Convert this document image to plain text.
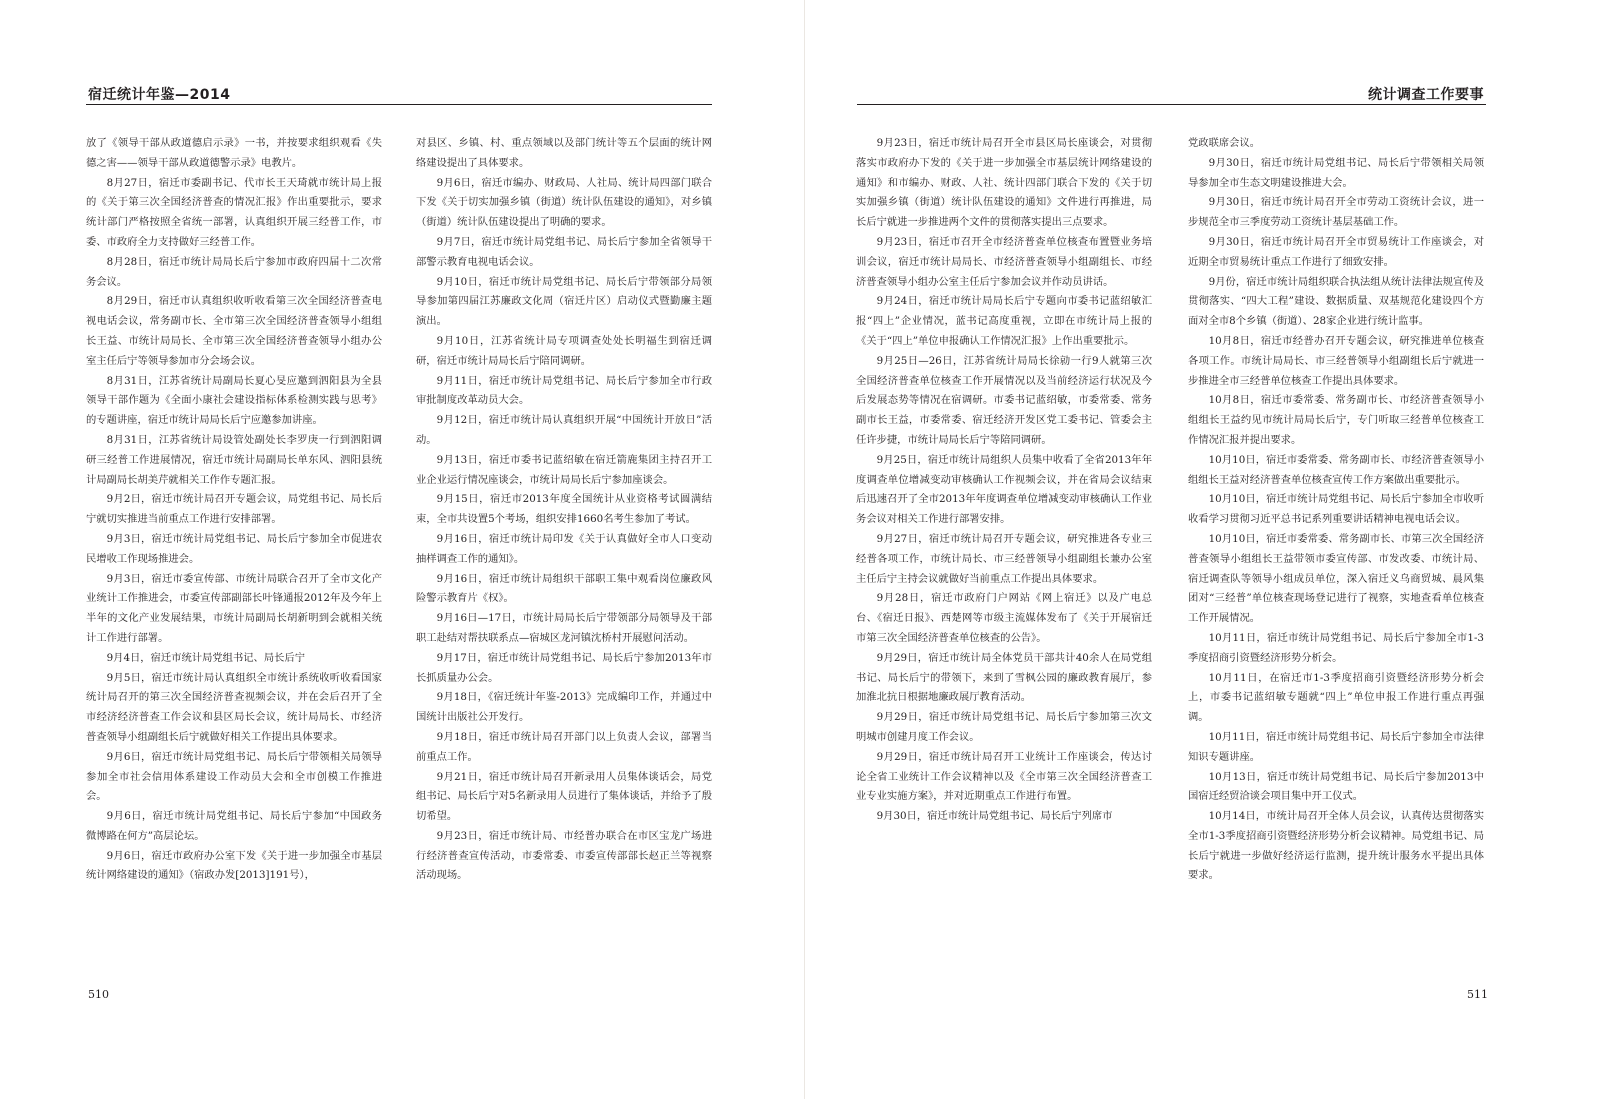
宿迁统计年鉴—2014

放了《领导干部从政道德启示录》一书，并按要求组织观看《失德之害——领导干部从政道德警示录》电教片。

8月27日，宿迁市委副书记、代市长王天琦就市统计局上报的《关于第三次全国经济普查的情况汇报》作出重要批示，要求统计部门严格按照全省统一部署，认真组织开展三经普工作，市委、市政府全力支持做好三经普工作。

8月28日，宿迁市统计局局长后宁参加市政府四届十二次常务会议。

8月29日，宿迁市认真组织收听收看第三次全国经济普查电视电话会议，常务副市长、全市第三次全国经济普查领导小组组长王益、市统计局局长、全市第三次全国经济普查领导小组办公室主任后宁等领导参加市分会场会议。

8月31日，江苏省统计局副局长夏心旻应邀到泗阳县为全县领导干部作题为《全面小康社会建设指标体系检测实践与思考》的专题讲座，宿迁市统计局局长后宁应邀参加讲座。

8月31日，江苏省统计局设管处副处长李罗庚一行到泗阳调研三经普工作进展情况，宿迁市统计局副局长单东风、泗阳县统计局副局长胡美芹就相关工作作专题汇报。

9月2日，宿迁市统计局召开专题会议，局党组书记、局长后宁就切实推进当前重点工作进行安排部署。

9月3日，宿迁市统计局党组书记、局长后宁参加全市促进农民增收工作现场推进会。

9月3日，宿迁市委宣传部、市统计局联合召开了全市文化产业统计工作推进会，市委宣传部副部长叶锋通报2012年及今年上半年的文化产业发展结果，市统计局副局长胡新明到会就相关统计工作进行部署。

9月4日，宿迁市统计局党组书记、局长后宁

9月5日，宿迁市统计局认真组织全市统计系统收听收看国家统计局召开的第三次全国经济普查视频会议，并在会后召开了全市经济经济普查工作会议和县区局长会议，统计局局长、市经济普查领导小组副组长后宁就做好相关工作提出具体要求。

9月6日，宿迁市统计局党组书记、局长后宁带领相关局领导参加全市社会信用体系建设工作动员大会和全市创模工作推进会。

9月6日，宿迁市统计局党组书记、局长后宁参加“中国政务微博路在何方”高层论坛。

9月6日，宿迁市政府办公室下发《关于进一步加强全市基层统计网络建设的通知》（宿政办发[2013]191号），

对县区、乡镇、村、重点领域以及部门统计等五个层面的统计网络建设提出了具体要求。

9月6日，宿迁市编办、财政局、人社局、统计局四部门联合下发《关于切实加强乡镇（街道）统计队伍建设的通知》，对乡镇（街道）统计队伍建设提出了明确的要求。

9月7日，宿迁市统计局党组书记、局长后宁参加全省领导干部警示教育电视电话会议。

9月10日，宿迁市统计局党组书记、局长后宁带领部分局领导参加第四届江苏廉政文化周（宿迁片区）启动仪式暨勤廉主题演出。

9月10日，江苏省统计局专项调查处处长明福生到宿迁调研，宿迁市统计局局长后宁陪同调研。

9月11日，宿迁市统计局党组书记、局长后宁参加全市行政审批制度改革动员大会。

9月12日，宿迁市统计局认真组织开展“中国统计开放日”活动。

9月13日，宿迁市委书记蓝绍敏在宿迁箭鹿集团主持召开工业企业运行情况座谈会，市统计局局长后宁参加座谈会。

9月15日，宿迁市2013年度全国统计从业资格考试圆满结束，全市共设置5个考场，组织安排1660名考生参加了考试。

9月16日，宿迁市统计局印发《关于认真做好全市人口变动抽样调查工作的通知》。

9月16日，宿迁市统计局组织干部职工集中观看岗位廉政风险警示教育片《权》。

9月16日—17日，市统计局局长后宁带领部分局领导及干部职工赴结对帮扶联系点—宿城区龙河镇沈桥村开展慰问活动。

9月17日，宿迁市统计局党组书记、局长后宁参加2013年市长抓质量办公会。

9月18日，《宿迁统计年鉴-2013》完成编印工作，并通过中国统计出版社公开发行。

9月18日，宿迁市统计局召开部门以上负责人会议，部署当前重点工作。

9月21日，宿迁市统计局召开新录用人员集体谈话会，局党组书记、局长后宁对5名新录用人员进行了集体谈话，并给予了殷切希望。

9月23日，宿迁市统计局、市经普办联合在市区宝龙广场进行经济普查宣传活动，市委常委、市委宣传部部长赵正兰等视察活动现场。

510
统计调查工作要事

9月23日，宿迁市统计局召开全市县区局长座谈会，对贯彻落实市政府办下发的《关于进一步加强全市基层统计网络建设的通知》和市编办、财政、人社、统计四部门联合下发的《关于切实加强乡镇（街道）统计队伍建设的通知》文件进行再推进，局长后宁就进一步推进两个文件的贯彻落实提出三点要求。

9月23日，宿迁市召开全市经济普查单位核查布置暨业务培训会议，宿迁市统计局局长、市经济普查领导小组副组长、市经济普查领导小组办公室主任后宁参加会议并作动员讲话。

9月24日，宿迁市统计局局长后宁专题向市委书记蓝绍敏汇报“四上”企业情况，蓝书记高度重视，立即在市统计局上报的《关于“四上”单位申报确认工作情况汇报》上作出重要批示。

9月25日—26日，江苏省统计局局长徐勍一行9人就第三次全国经济普查单位核查工作开展情况以及当前经济运行状况及今后发展态势等情况在宿调研。市委书记蓝绍敏，市委常委、常务副市长王益，市委常委、宿迁经济开发区党工委书记、管委会主任许步捷，市统计局局长后宁等陪同调研。

9月25日，宿迁市统计局组织人员集中收看了全省2013年年度调查单位增减变动审核确认工作视频会议，并在省局会议结束后迅速召开了全市2013年年度调查单位增减变动审核确认工作业务会议对相关工作进行部署安排。

9月27日，宿迁市统计局召开专题会议，研究推进各专业三经普各项工作，市统计局长、市三经普领导小组副组长兼办公室主任后宁主持会议就做好当前重点工作提出具体要求。

9月28日，宿迁市政府门户网站《网上宿迁》以及广电总台、《宿迁日报》、西楚网等市级主流媒体发布了《关于开展宿迁市第三次全国经济普查单位核查的公告》。

9月29日，宿迁市统计局全体党员干部共计40余人在局党组书记、局长后宁的带领下，来到了雪枫公园的廉政教育展厅，参加淮北抗日根据地廉政展厅教育活动。

9月29日，宿迁市统计局党组书记、局长后宁参加第三次文明城市创建月度工作会议。

9月29日，宿迁市统计局召开工业统计工作座谈会，传达讨论全省工业统计工作会议精神以及《全市第三次全国经济普查工业专业实施方案》，并对近期重点工作进行布置。

9月30日，宿迁市统计局党组书记、局长后宁列席市

党政联席会议。

9月30日，宿迁市统计局党组书记、局长后宁带领相关局领导参加全市生态文明建设推进大会。

9月30日，宿迁市统计局召开全市劳动工资统计会议，进一步规范全市三季度劳动工资统计基层基础工作。

9月30日，宿迁市统计局召开全市贸易统计工作座谈会，对近期全市贸易统计重点工作进行了细致安排。

9月份，宿迁市统计局组织联合执法组从统计法律法规宣传及贯彻落实、“四大工程”建设、数据质量、双基规范化建设四个方面对全市8个乡镇（街道）、28家企业进行统计监事。

10月8日，宿迁市经普办召开专题会议，研究推进单位核查各项工作。市统计局局长、市三经普领导小组副组长后宁就进一步推进全市三经普单位核查工作提出具体要求。

10月8日，宿迁市委常委、常务副市长、市经济普查领导小组组长王益约见市统计局局长后宁，专门听取三经普单位核查工作情况汇报并提出要求。

10月10日，宿迁市委常委、常务副市长、市经济普查领导小组组长王益对经济普查单位核查宣传工作方案做出重要批示。

10月10日，宿迁市统计局党组书记、局长后宁参加全市收听收看学习贯彻习近平总书记系列重要讲话精神电视电话会议。

10月10日，宿迁市委常委、常务副市长、市第三次全国经济普查领导小组组长王益带领市委宣传部、市发改委、市统计局、宿迁调查队等领导小组成员单位，深入宿迁义乌商贸城、晨风集团对“三经普”单位核查现场登记进行了视察，实地查看单位核查工作开展情况。

10月11日，宿迁市统计局党组书记、局长后宁参加全市1-3季度招商引资暨经济形势分析会。

10月11日，在宿迁市1-3季度招商引资暨经济形势分析会上，市委书记蓝绍敏专题就“四上”单位申报工作进行重点再强调。

10月11日，宿迁市统计局党组书记、局长后宁参加全市法律知识专题讲座。

10月13日，宿迁市统计局党组书记、局长后宁参加2013中国宿迁经贸洽谈会项目集中开工仪式。

10月14日，市统计局召开全体人员会议，认真传达贯彻落实全市1-3季度招商引资暨经济形势分析会议精神。局党组书记、局长后宁就进一步做好经济运行监测，提升统计服务水平提出具体要求。

511
